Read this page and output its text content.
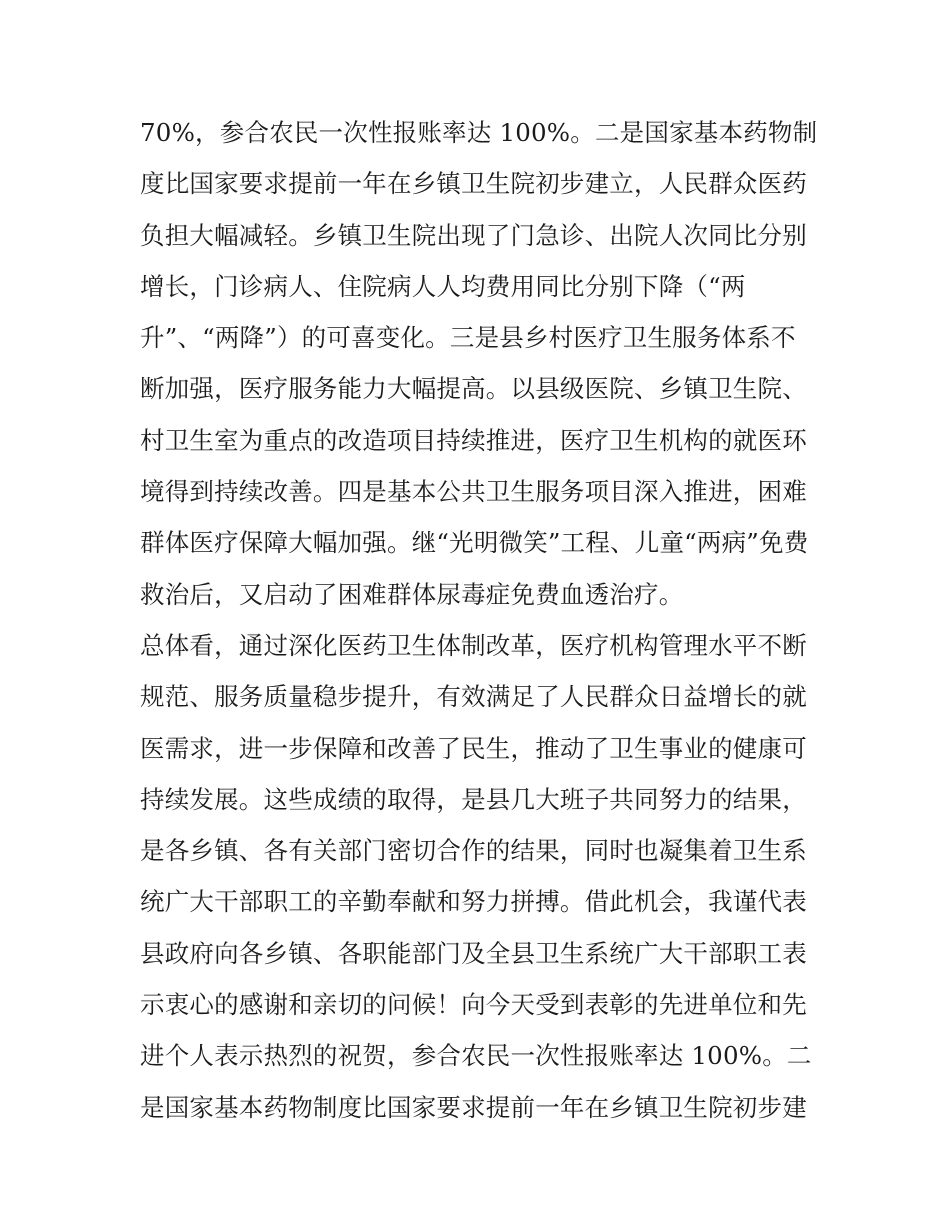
70%，参合农民一次性报账率达 100%。二是国家基本药物制
度比国家要求提前一年在乡镇卫生院初步建立，人民群众医药
负担大幅减轻。乡镇卫生院出现了门急诊、出院人次同比分别
增长，门诊病人、住院病人人均费用同比分别下降（“两
升”、“两降”）的可喜变化。三是县乡村医疗卫生服务体系不
断加强，医疗服务能力大幅提高。以县级医院、乡镇卫生院、
村卫生室为重点的改造项目持续推进，医疗卫生机构的就医环
境得到持续改善。四是基本公共卫生服务项目深入推进，困难
群体医疗保障大幅加强。继“光明微笑”工程、儿童“两病”免费
救治后，又启动了困难群体尿毒症免费血透治疗。
总体看，通过深化医药卫生体制改革，医疗机构管理水平不断
规范、服务质量稳步提升，有效满足了人民群众日益增长的就
医需求，进一步保障和改善了民生，推动了卫生事业的健康可
持续发展。这些成绩的取得，是县几大班子共同努力的结果，
是各乡镇、各有关部门密切合作的结果，同时也凝集着卫生系
统广大干部职工的辛勤奉献和努力拼搏。借此机会，我谨代表
县政府向各乡镇、各职能部门及全县卫生系统广大干部职工表
示衷心的感谢和亲切的问候！向今天受到表彰的先进单位和先
进个人表示热烈的祝贺，参合农民一次性报账率达 100%。二
是国家基本药物制度比国家要求提前一年在乡镇卫生院初步建
